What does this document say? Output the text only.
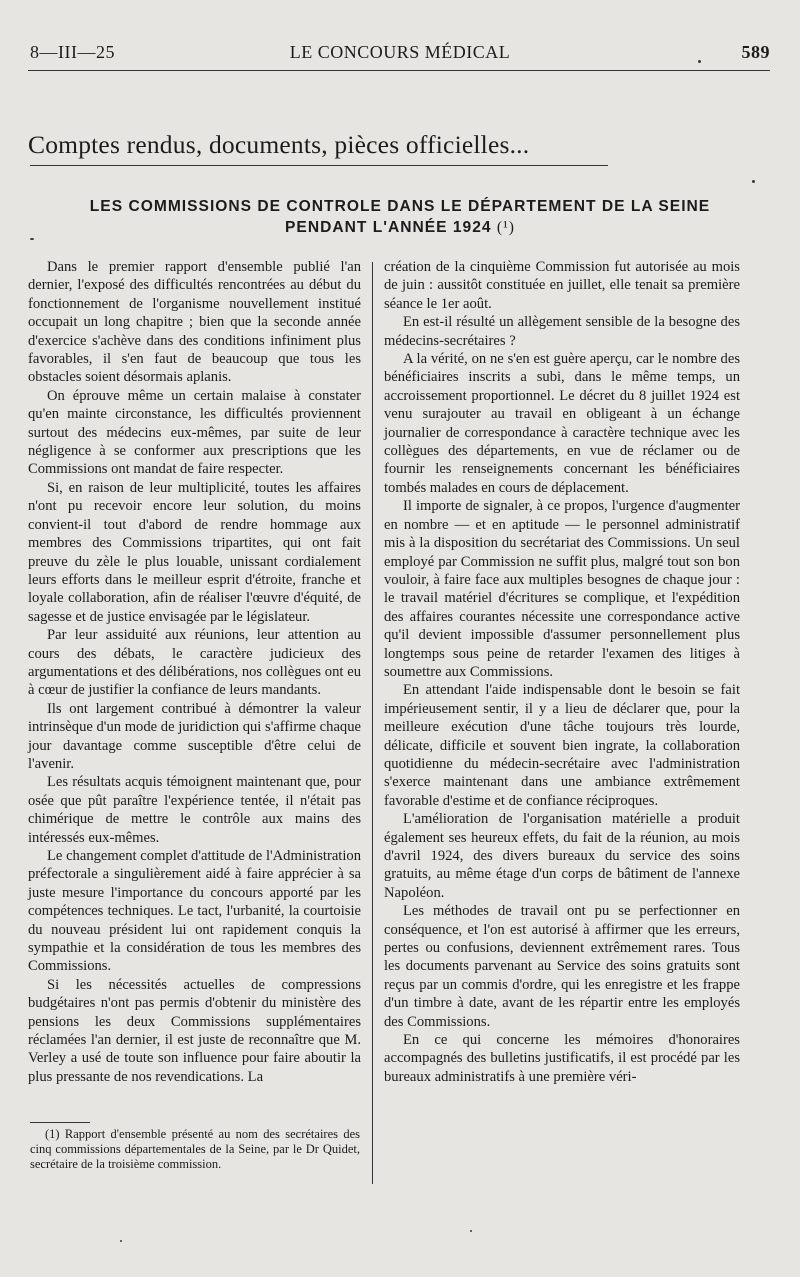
8—III—25	LE CONCOURS MÉDICAL	589
Comptes rendus, documents, pièces officielles...
LES COMMISSIONS DE CONTROLE DANS LE DÉPARTEMENT DE LA SEINE
PENDANT L'ANNÉE 1924 (¹)

Dans le premier rapport d'ensemble publié l'an dernier, l'exposé des difficultés rencontrées au début du fonctionnement de l'organisme nouvellement institué occupait un long chapitre ; bien que la seconde année d'exercice s'achève dans des conditions infiniment plus favorables, il s'en faut de beaucoup que tous les obstacles soient désormais aplanis.

On éprouve même un certain malaise à constater qu'en mainte circonstance, les difficultés proviennent surtout des médecins eux-mêmes, par suite de leur négligence à se conformer aux prescriptions que les Commissions ont mandat de faire respecter.

Si, en raison de leur multiplicité, toutes les affaires n'ont pu recevoir encore leur solution, du moins convient-il tout d'abord de rendre hommage aux membres des Commissions tripartites, qui ont fait preuve du zèle le plus louable, unissant cordialement leurs efforts dans le meilleur esprit d'étroite, franche et loyale collaboration, afin de réaliser l'œuvre d'équité, de sagesse et de justice envisagée par le législateur.

Par leur assiduité aux réunions, leur attention au cours des débats, le caractère judicieux des argumentations et des délibérations, nos collègues ont eu à cœur de justifier la confiance de leurs mandants.

Ils ont largement contribué à démontrer la valeur intrinsèque d'un mode de juridiction qui s'affirme chaque jour davantage comme susceptible d'être celui de l'avenir.

Les résultats acquis témoignent maintenant que, pour osée que pût paraître l'expérience tentée, il n'était pas chimérique de mettre le contrôle aux mains des intéressés eux-mêmes.

Le changement complet d'attitude de l'Administration préfectorale a singulièrement aidé à faire apprécier à sa juste mesure l'importance du concours apporté par les compétences techniques. Le tact, l'urbanité, la courtoisie du nouveau président lui ont rapidement conquis la sympathie et la considération de tous les membres des Commissions.

Si les nécessités actuelles de compressions budgétaires n'ont pas permis d'obtenir du ministère des pensions les deux Commissions supplémentaires réclamées l'an dernier, il est juste de reconnaître que M. Verley a usé de toute son influence pour faire aboutir la plus pressante de nos revendications. La

création de la cinquième Commission fut autorisée au mois de juin : aussitôt constituée en juillet, elle tenait sa première séance le 1er août.

En est-il résulté un allègement sensible de la besogne des médecins-secrétaires ?

A la vérité, on ne s'en est guère aperçu, car le nombre des bénéficiaires inscrits a subi, dans le même temps, un accroissement proportionnel. Le décret du 8 juillet 1924 est venu surajouter au travail en obligeant à un échange journalier de correspondance à caractère technique avec les collègues des départements, en vue de réclamer ou de fournir les renseignements concernant les bénéficiaires tombés malades en cours de déplacement.

Il importe de signaler, à ce propos, l'urgence d'augmenter en nombre — et en aptitude — le personnel administratif mis à la disposition du secrétariat des Commissions. Un seul employé par Commission ne suffit plus, malgré tout son bon vouloir, à faire face aux multiples besognes de chaque jour : le travail matériel d'écritures se complique, et l'expédition des affaires courantes nécessite une correspondance active qu'il devient impossible d'assumer personnellement plus longtemps sous peine de retarder l'examen des litiges à soumettre aux Commissions.

En attendant l'aide indispensable dont le besoin se fait impérieusement sentir, il y a lieu de déclarer que, pour la meilleure exécution d'une tâche toujours très lourde, délicate, difficile et souvent bien ingrate, la collaboration quotidienne du médecin-secrétaire avec l'administration s'exerce maintenant dans une ambiance extrêmement favorable d'estime et de confiance réciproques.

L'amélioration de l'organisation matérielle a produit également ses heureux effets, du fait de la réunion, au mois d'avril 1924, des divers bureaux du service des soins gratuits, au même étage d'un corps de bâtiment de l'annexe Napoléon.

Les méthodes de travail ont pu se perfectionner en conséquence, et l'on est autorisé à affirmer que les erreurs, pertes ou confusions, deviennent extrêmement rares. Tous les documents parvenant au Service des soins gratuits sont reçus par un commis d'ordre, qui les enregistre et les frappe d'un timbre à date, avant de les répartir entre les employés des Commissions.

En ce qui concerne les mémoires d'honoraires accompagnés des bulletins justificatifs, il est procédé par les bureaux administratifs à une première véri-

(1) Rapport d'ensemble présenté au nom des secrétaires des cinq commissions départementales de la Seine, par le Dr Quidet, secrétaire de la troisième commission.
